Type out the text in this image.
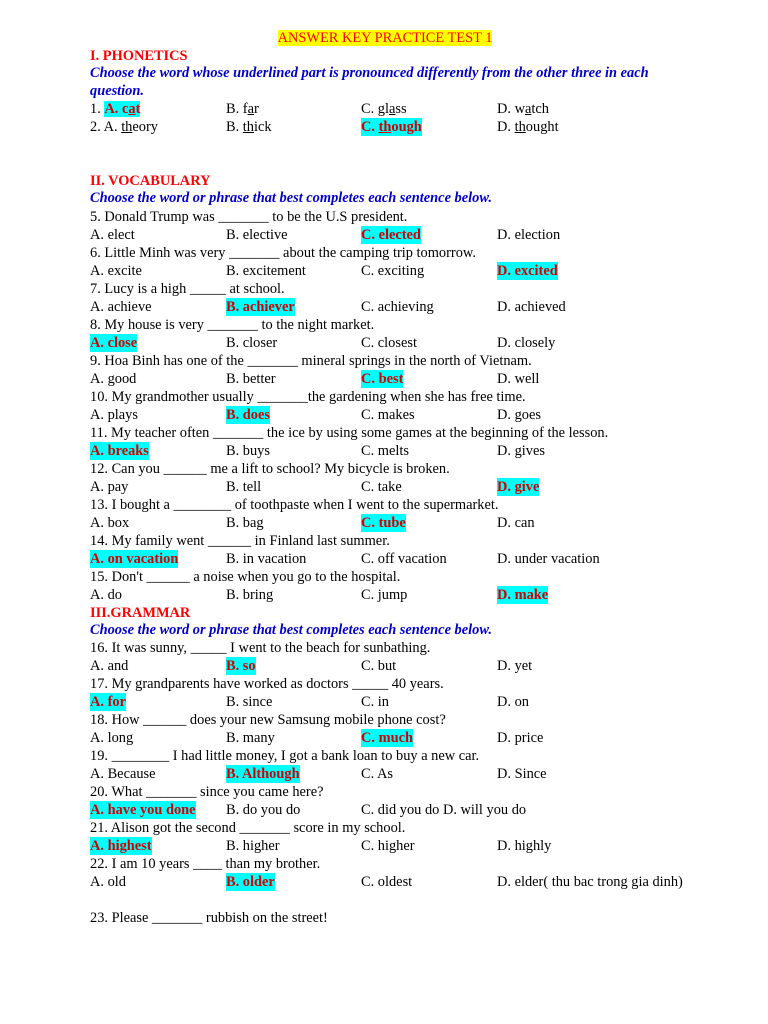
ANSWER KEY PRACTICE TEST 1
I. PHONETICS
Choose the word whose underlined part is pronounced differently from the other three in each question.
1. A. cat	B. far	C. glass	D. watch
2. A. theory	B. thick	C. though	D. thought
II. VOCABULARY
Choose the word or phrase that best completes each sentence below.
5. Donald Trump was _______ to be the U.S president.
A. elect	B. elective	C. elected	D. election
6. Little Minh was very _______ about the camping trip tomorrow.
A. excite	B. excitement	C. exciting	D. excited
7. Lucy is a high _____ at school.
A. achieve	B. achiever	C. achieving	D. achieved
8. My house is very _______ to the night market.
A. close	B. closer	C. closest	D. closely
9. Hoa Binh has one of the _______ mineral springs in the north of Vietnam.
A. good	B. better	C. best	D. well
10. My grandmother usually _______the gardening when she has free time.
A. plays	B. does	C. makes	D. goes
11. My teacher often _______ the ice by using some games at the beginning of the lesson.
A. breaks	B. buys	C. melts	D. gives
12. Can you ______ me a lift to school? My bicycle is broken.
A. pay	B. tell	C. take	D. give
13. I bought a ________ of toothpaste when I went to the supermarket.
A. box	B. bag	C. tube	D. can
14. My family went ______ in Finland last summer.
A. on vacation	B. in vacation	C. off vacation	D. under vacation
15. Don't ______ a noise when you go to the hospital.
A. do	B. bring	C. jump	D. make
III.GRAMMAR
Choose the word or phrase that best completes each sentence below.
16. It was sunny, _____ I went to the beach for sunbathing.
A. and	B. so	C. but	D. yet
17. My grandparents have worked as doctors _____ 40 years.
A. for	B. since	C. in	D. on
18. How ______ does your new Samsung mobile phone cost?
A. long	B. many	C. much	D. price
19. ________ I had little money, I got a bank loan to buy a new car.
A. Because	B. Although	C. As	D. Since
20. What _______ since you came here?
A. have you done B. do you do	C. did you do D. will you do
21. Alison got the second _______ score in my school.
A. highest	B. higher	C. higher	D. highly
22. I am 10 years ____ than my brother.
A. old	B. older	C. oldest	D. elder( thu bac trong gia dinh)
23. Please _______ rubbish on the street!
